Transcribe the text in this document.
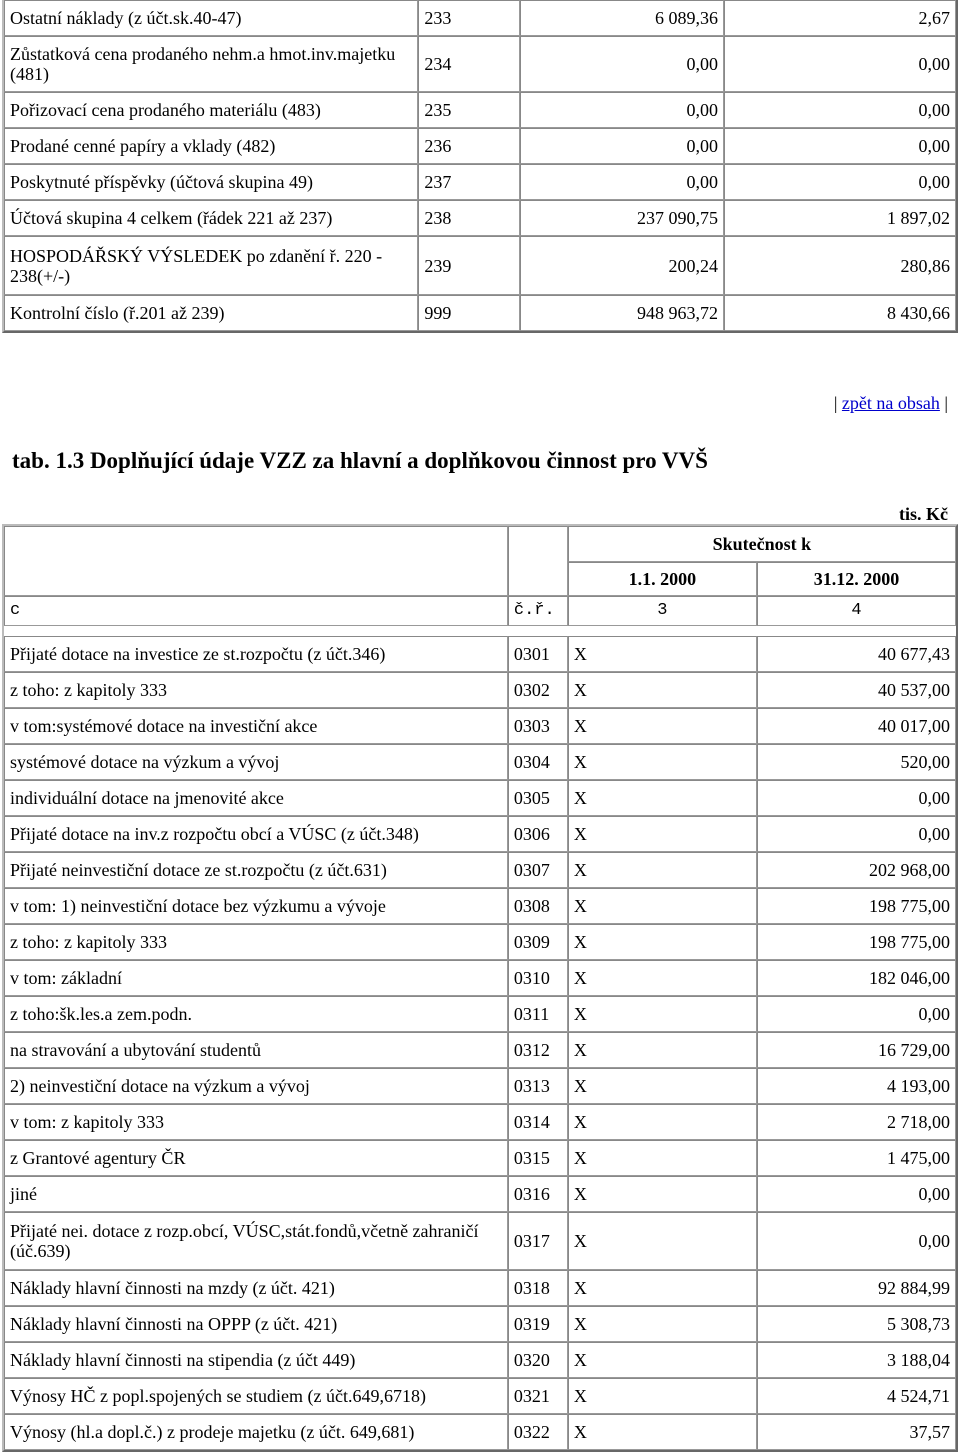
Ostatní náklady (z účt.sk.40-47)	233	6 089,36	2,67
Zůstatková cena prodaného nehm.a hmot.inv.majetku (481)	234	0,00	0,00
Pořizovací cena prodaného materiálu (483)	235	0,00	0,00
Prodané cenné papíry a vklady (482)	236	0,00	0,00
Poskytnuté příspěvky (účtová skupina 49)	237	0,00	0,00
Účtová skupina 4 celkem (řádek 221 až 237)	238	237 090,75	1 897,02
HOSPODÁŘSKÝ VÝSLEDEK po zdanění ř. 220 - 238(+/-)	239	200,24	280,86
Kontrolní číslo (ř.201 až 239)	999	948 963,72	8 430,66
| zpět na obsah |
tab. 1.3 Doplňující údaje VZZ za hlavní a doplňkovou činnost pro VVŠ
tis. Kč
		Skutečnost k	
		1.1. 2000	31.12. 2000
c	č.ř.	3	4

Přijaté dotace na investice ze st.rozpočtu (z účt.346)	0301	X	40 677,43
z toho: z kapitoly 333	0302	X	40 537,00
v tom:systémové dotace na investiční akce	0303	X	40 017,00
systémové dotace na výzkum a vývoj	0304	X	520,00
individuální dotace na jmenovité akce	0305	X	0,00
Přijaté dotace na inv.z rozpočtu obcí a VÚSC (z účt.348)	0306	X	0,00
Přijaté neinvestiční dotace ze st.rozpočtu (z účt.631)	0307	X	202 968,00
v tom: 1) neinvestiční dotace bez výzkumu a vývoje	0308	X	198 775,00
z toho: z kapitoly 333	0309	X	198 775,00
v tom: základní	0310	X	182 046,00
z toho:šk.les.a zem.podn.	0311	X	0,00
na stravování a ubytování studentů	0312	X	16 729,00
2) neinvestiční dotace na výzkum a vývoj	0313	X	4 193,00
v tom: z kapitoly 333	0314	X	2 718,00
z Grantové agentury ČR	0315	X	1 475,00
jiné	0316	X	0,00
Přijaté nei. dotace z rozp.obcí, VÚSC,stát.fondů,včetně zahraničí (úč.639)	0317	X	0,00
Náklady hlavní činnosti na mzdy (z účt. 421)	0318	X	92 884,99
Náklady hlavní činnosti na OPPP (z účt. 421)	0319	X	5 308,73
Náklady hlavní činnosti na stipendia (z účt 449)	0320	X	3 188,04
Výnosy HČ z popl.spojených se studiem (z účt.649,6718)	0321	X	4 524,71
Výnosy (hl.a dopl.č.) z prodeje majetku (z účt. 649,681)	0322	X	37,57
